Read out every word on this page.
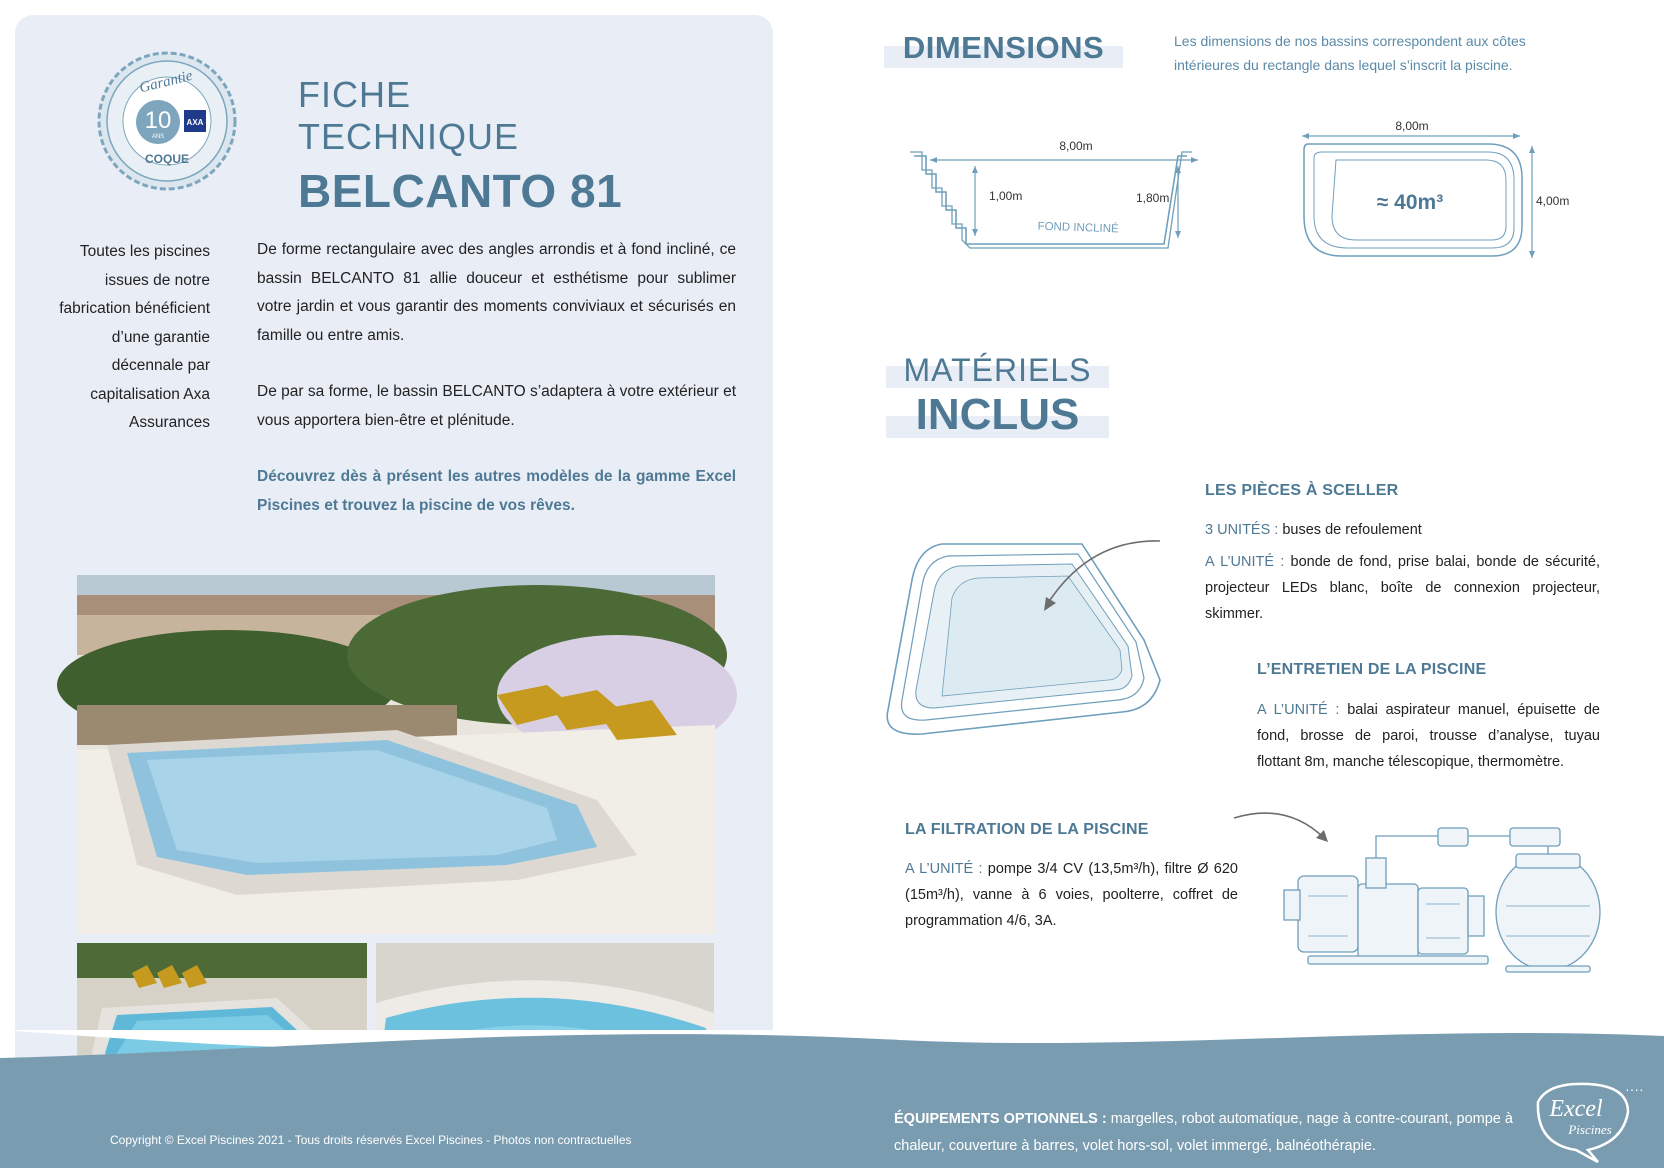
Garantie
10
ANS
AXA
COQUE
FICHE TECHNIQUE
BELCANTO 81
Toutes les piscines issues de notre fabrication bénéficient d’une garantie décennale par capitalisation Axa Assurances

De forme rectangulaire avec des angles arrondis et à fond incliné, ce bassin BELCANTO 81 allie douceur et esthétisme pour sublimer votre jardin et vous garantir des moments conviviaux et sécurisés en famille ou entre amis.

De par sa forme, le bassin BELCANTO s’adaptera à votre extérieur et vous apportera bien-être et plénitude.

Découvrez dès à présent les autres modèles de la gamme Excel Piscines et trouvez la piscine de vos rêves.

Copyright © Excel Piscines 2021 - Tous droits réservés Excel Piscines - Photos non contractuelles
ÉQUIPEMENTS OPTIONNELS : margelles, robot automatique, nage à contre-courant, pompe à chaleur, couverture à barres, volet hors-sol, volet immergé, balnéothérapie.
Excel
Piscines
····
DIMENSIONS	Les dimensions de nos bassins correspondent aux côtes intérieures du rectangle dans lequel s’inscrit la piscine.
8,00m
1,00m	1,80m
FOND INCLINÉ
8,00m
4,00m
≈ 40m³
MATÉRIELS
INCLUS
LES PIÈCES À SCELLER
3 UNITÉS : buses de refoulement
A L’UNITÉ : bonde de fond, prise balai, bonde de sécurité, projecteur LEDs blanc, boîte de connexion projecteur, skimmer.
L’ENTRETIEN DE LA PISCINE
A L’UNITÉ : balai aspirateur manuel, épuisette de fond, brosse de paroi, trousse d’analyse, tuyau flottant 8m, manche télescopique, thermomètre.
LA FILTRATION DE LA PISCINE
A L’UNITÉ : pompe 3/4 CV (13,5m³/h), filtre Ø 620 (15m³/h), vanne à 6 voies, poolterre, coffret de programmation 4/6, 3A.
